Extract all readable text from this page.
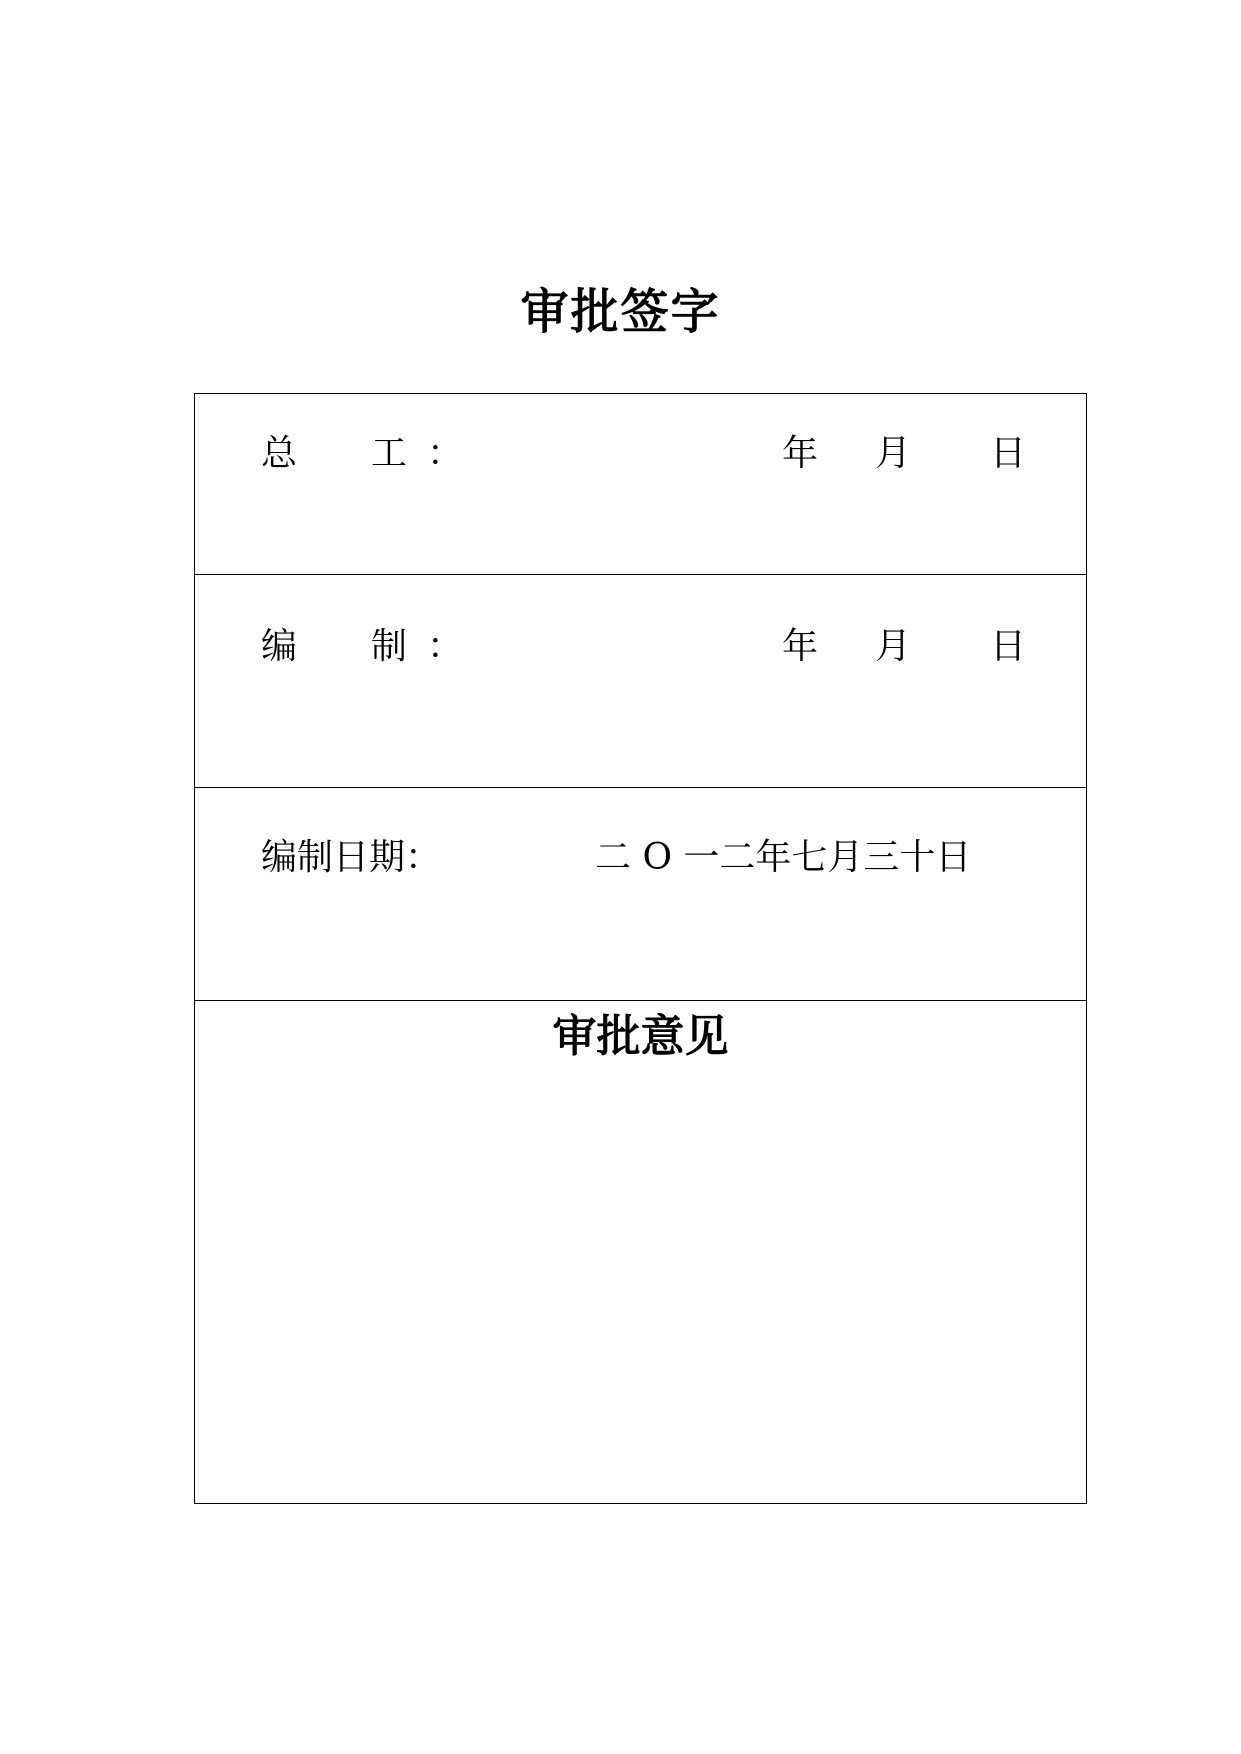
审批签字
总 工 ：	年 月 日
编 制 ：	年 月 日
编制日期：	二 O 一二年七月三十日
审批意见
